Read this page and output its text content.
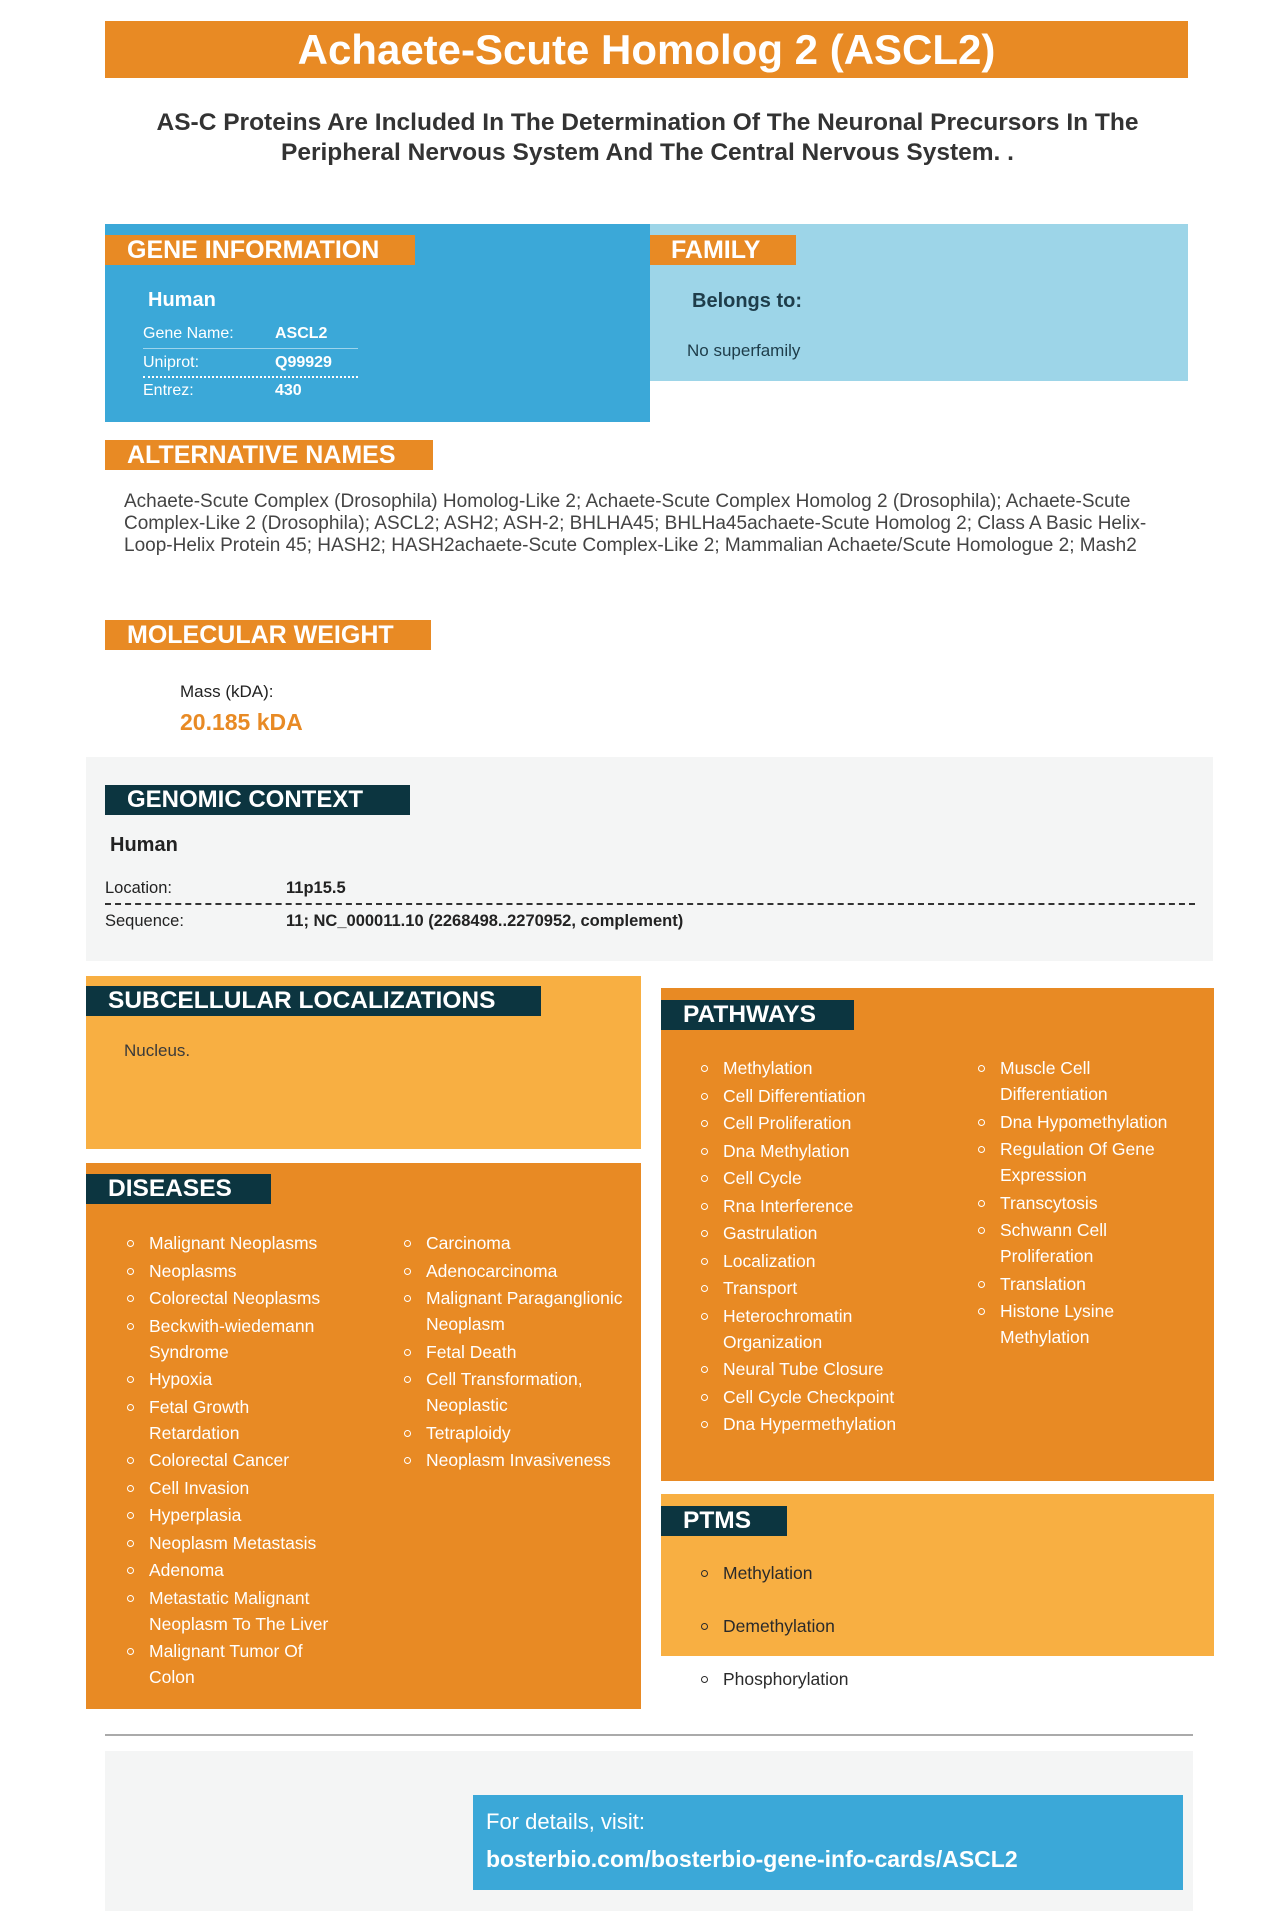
Achaete-Scute Homolog 2 (ASCL2)
AS-C Proteins Are Included In The Determination Of The Neuronal Precursors In The Peripheral Nervous System And The Central Nervous System. .
GENE INFORMATION
Human
Gene Name:	ASCL2
Uniprot:	Q99929
Entrez:	430
FAMILY
Belongs to:
No superfamily
ALTERNATIVE NAMES
Achaete-Scute Complex (Drosophila) Homolog-Like 2; Achaete-Scute Complex Homolog 2 (Drosophila); Achaete-Scute Complex-Like 2 (Drosophila); ASCL2; ASH2; ASH-2; BHLHA45; BHLHa45achaete-Scute Homolog 2; Class A Basic Helix-Loop-Helix Protein 45; HASH2; HASH2achaete-Scute Complex-Like 2; Mammalian Achaete/Scute Homologue 2; Mash2
MOLECULAR WEIGHT
Mass (kDA):
20.185 kDA
GENOMIC CONTEXT
Human
Location:	11p15.5
Sequence:	11; NC_000011.10 (2268498..2270952, complement)
SUBCELLULAR LOCALIZATIONS
Nucleus.
DISEASES
Malignant Neoplasms
Neoplasms
Colorectal Neoplasms
Beckwith-wiedemann Syndrome
Hypoxia
Fetal Growth Retardation
Colorectal Cancer
Cell Invasion
Hyperplasia
Neoplasm Metastasis
Adenoma
Metastatic Malignant Neoplasm To The Liver
Malignant Tumor Of Colon
Carcinoma
Adenocarcinoma
Malignant Paraganglionic Neoplasm
Fetal Death
Cell Transformation, Neoplastic
Tetraploidy
Neoplasm Invasiveness
PATHWAYS
Methylation
Cell Differentiation
Cell Proliferation
Dna Methylation
Cell Cycle
Rna Interference
Gastrulation
Localization
Transport
Heterochromatin Organization
Neural Tube Closure
Cell Cycle Checkpoint
Dna Hypermethylation
Muscle Cell Differentiation
Dna Hypomethylation
Regulation Of Gene Expression
Transcytosis
Schwann Cell Proliferation
Translation
Histone Lysine Methylation
PTMS
Methylation
Demethylation
Phosphorylation
For details, visit:
bosterbio.com/bosterbio-gene-info-cards/ASCL2
